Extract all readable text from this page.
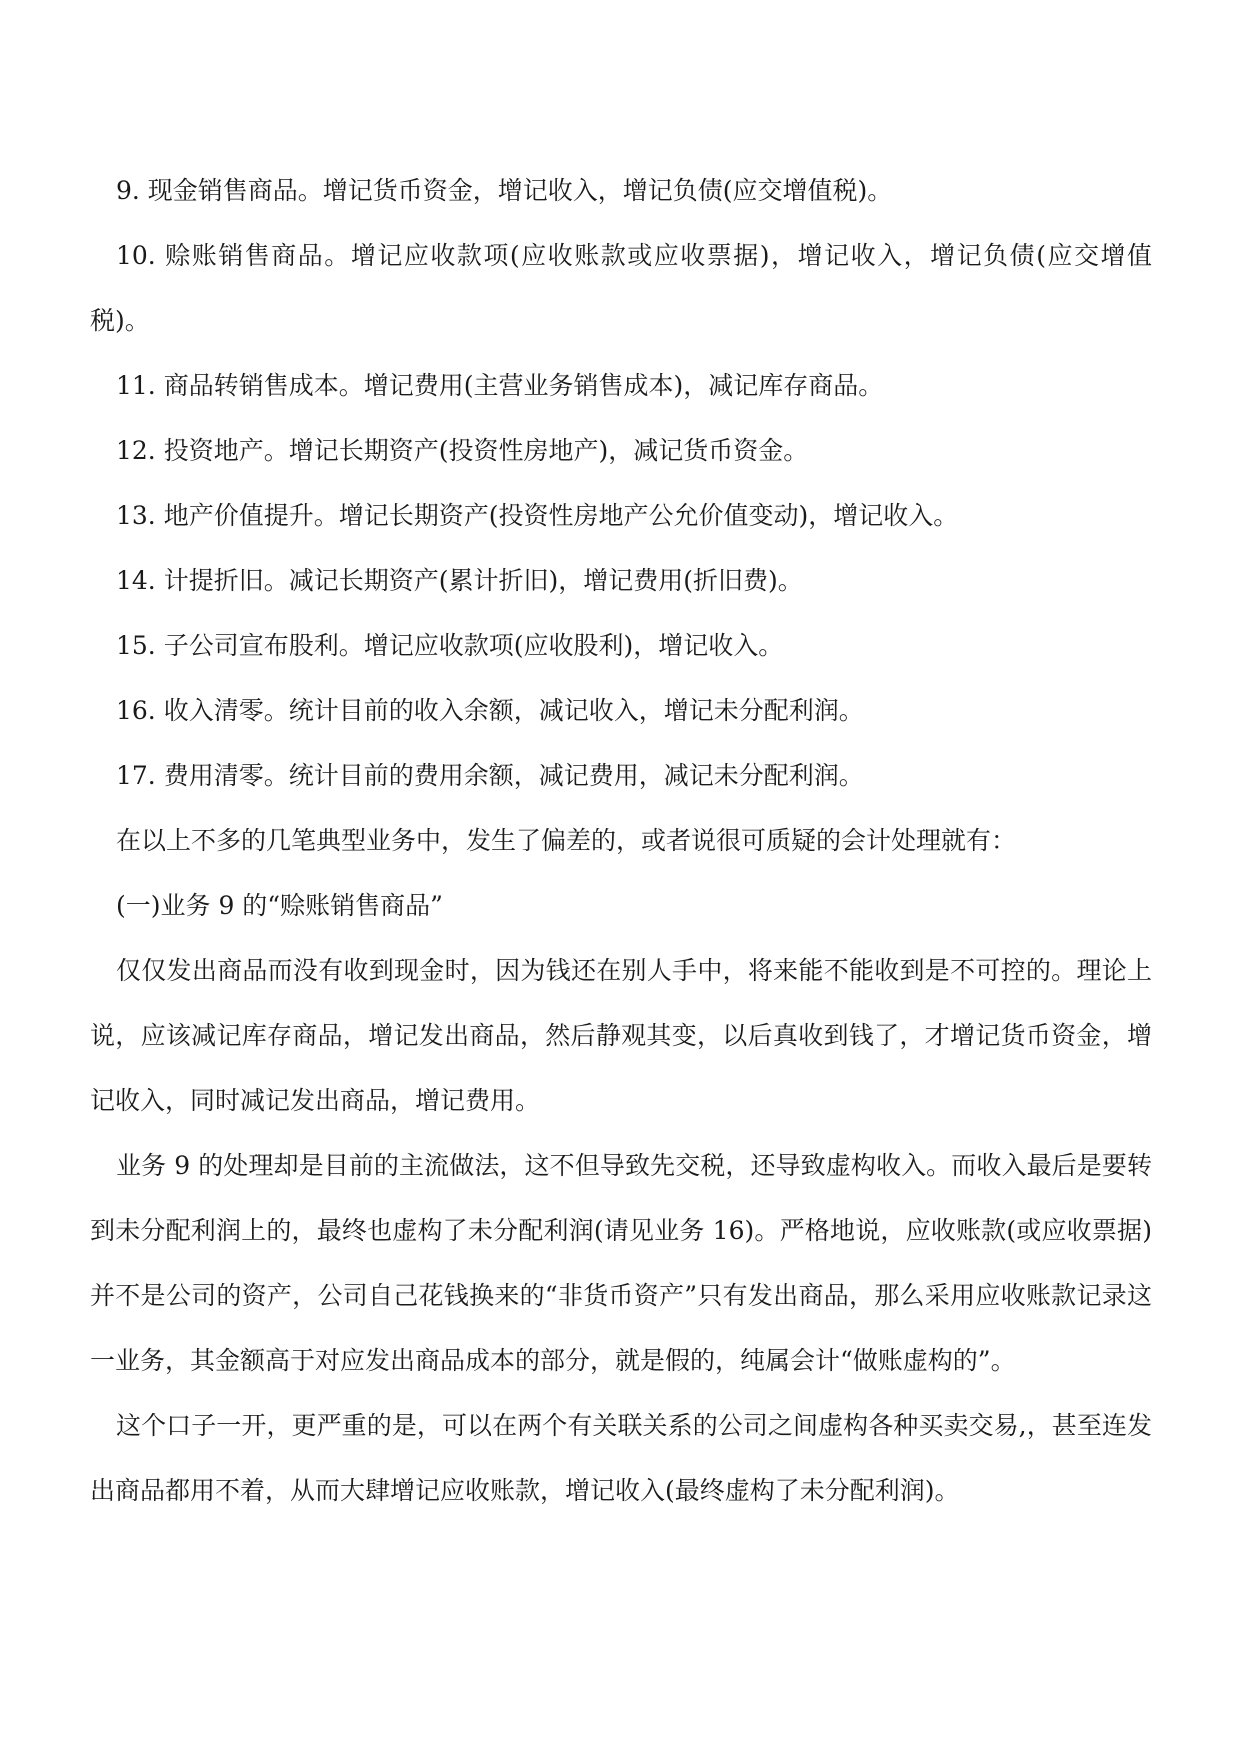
9. 现金销售商品。增记货币资金，增记收入，增记负债(应交增值税)。

10. 赊账销售商品。增记应收款项(应收账款或应收票据)，增记收入，增记负债(应交增值税)。

11. 商品转销售成本。增记费用(主营业务销售成本)，减记库存商品。

12. 投资地产。增记长期资产(投资性房地产)，减记货币资金。

13. 地产价值提升。增记长期资产(投资性房地产公允价值变动)，增记收入。

14. 计提折旧。减记长期资产(累计折旧)，增记费用(折旧费)。

15. 子公司宣布股利。增记应收款项(应收股利)，增记收入。

16. 收入清零。统计目前的收入余额，减记收入，增记未分配利润。

17. 费用清零。统计目前的费用余额，减记费用，减记未分配利润。

在以上不多的几笔典型业务中，发生了偏差的，或者说很可质疑的会计处理就有：

(一)业务 9 的“赊账销售商品”

仅仅发出商品而没有收到现金时，因为钱还在别人手中，将来能不能收到是不可控的。理论上说，应该减记库存商品，增记发出商品，然后静观其变，以后真收到钱了，才增记货币资金，增记收入，同时减记发出商品，增记费用。

业务 9 的处理却是目前的主流做法，这不但导致先交税，还导致虚构收入。而收入最后是要转到未分配利润上的，最终也虚构了未分配利润(请见业务 16)。严格地说，应收账款(或应收票据)并不是公司的资产，公司自己花钱换来的“非货币资产”只有发出商品，那么采用应收账款记录这一业务，其金额高于对应发出商品成本的部分，就是假的，纯属会计“做账虚构的”。

这个口子一开，更严重的是，可以在两个有关联关系的公司之间虚构各种买卖交易,，甚至连发出商品都用不着，从而大肆增记应收账款，增记收入(最终虚构了未分配利润)。
